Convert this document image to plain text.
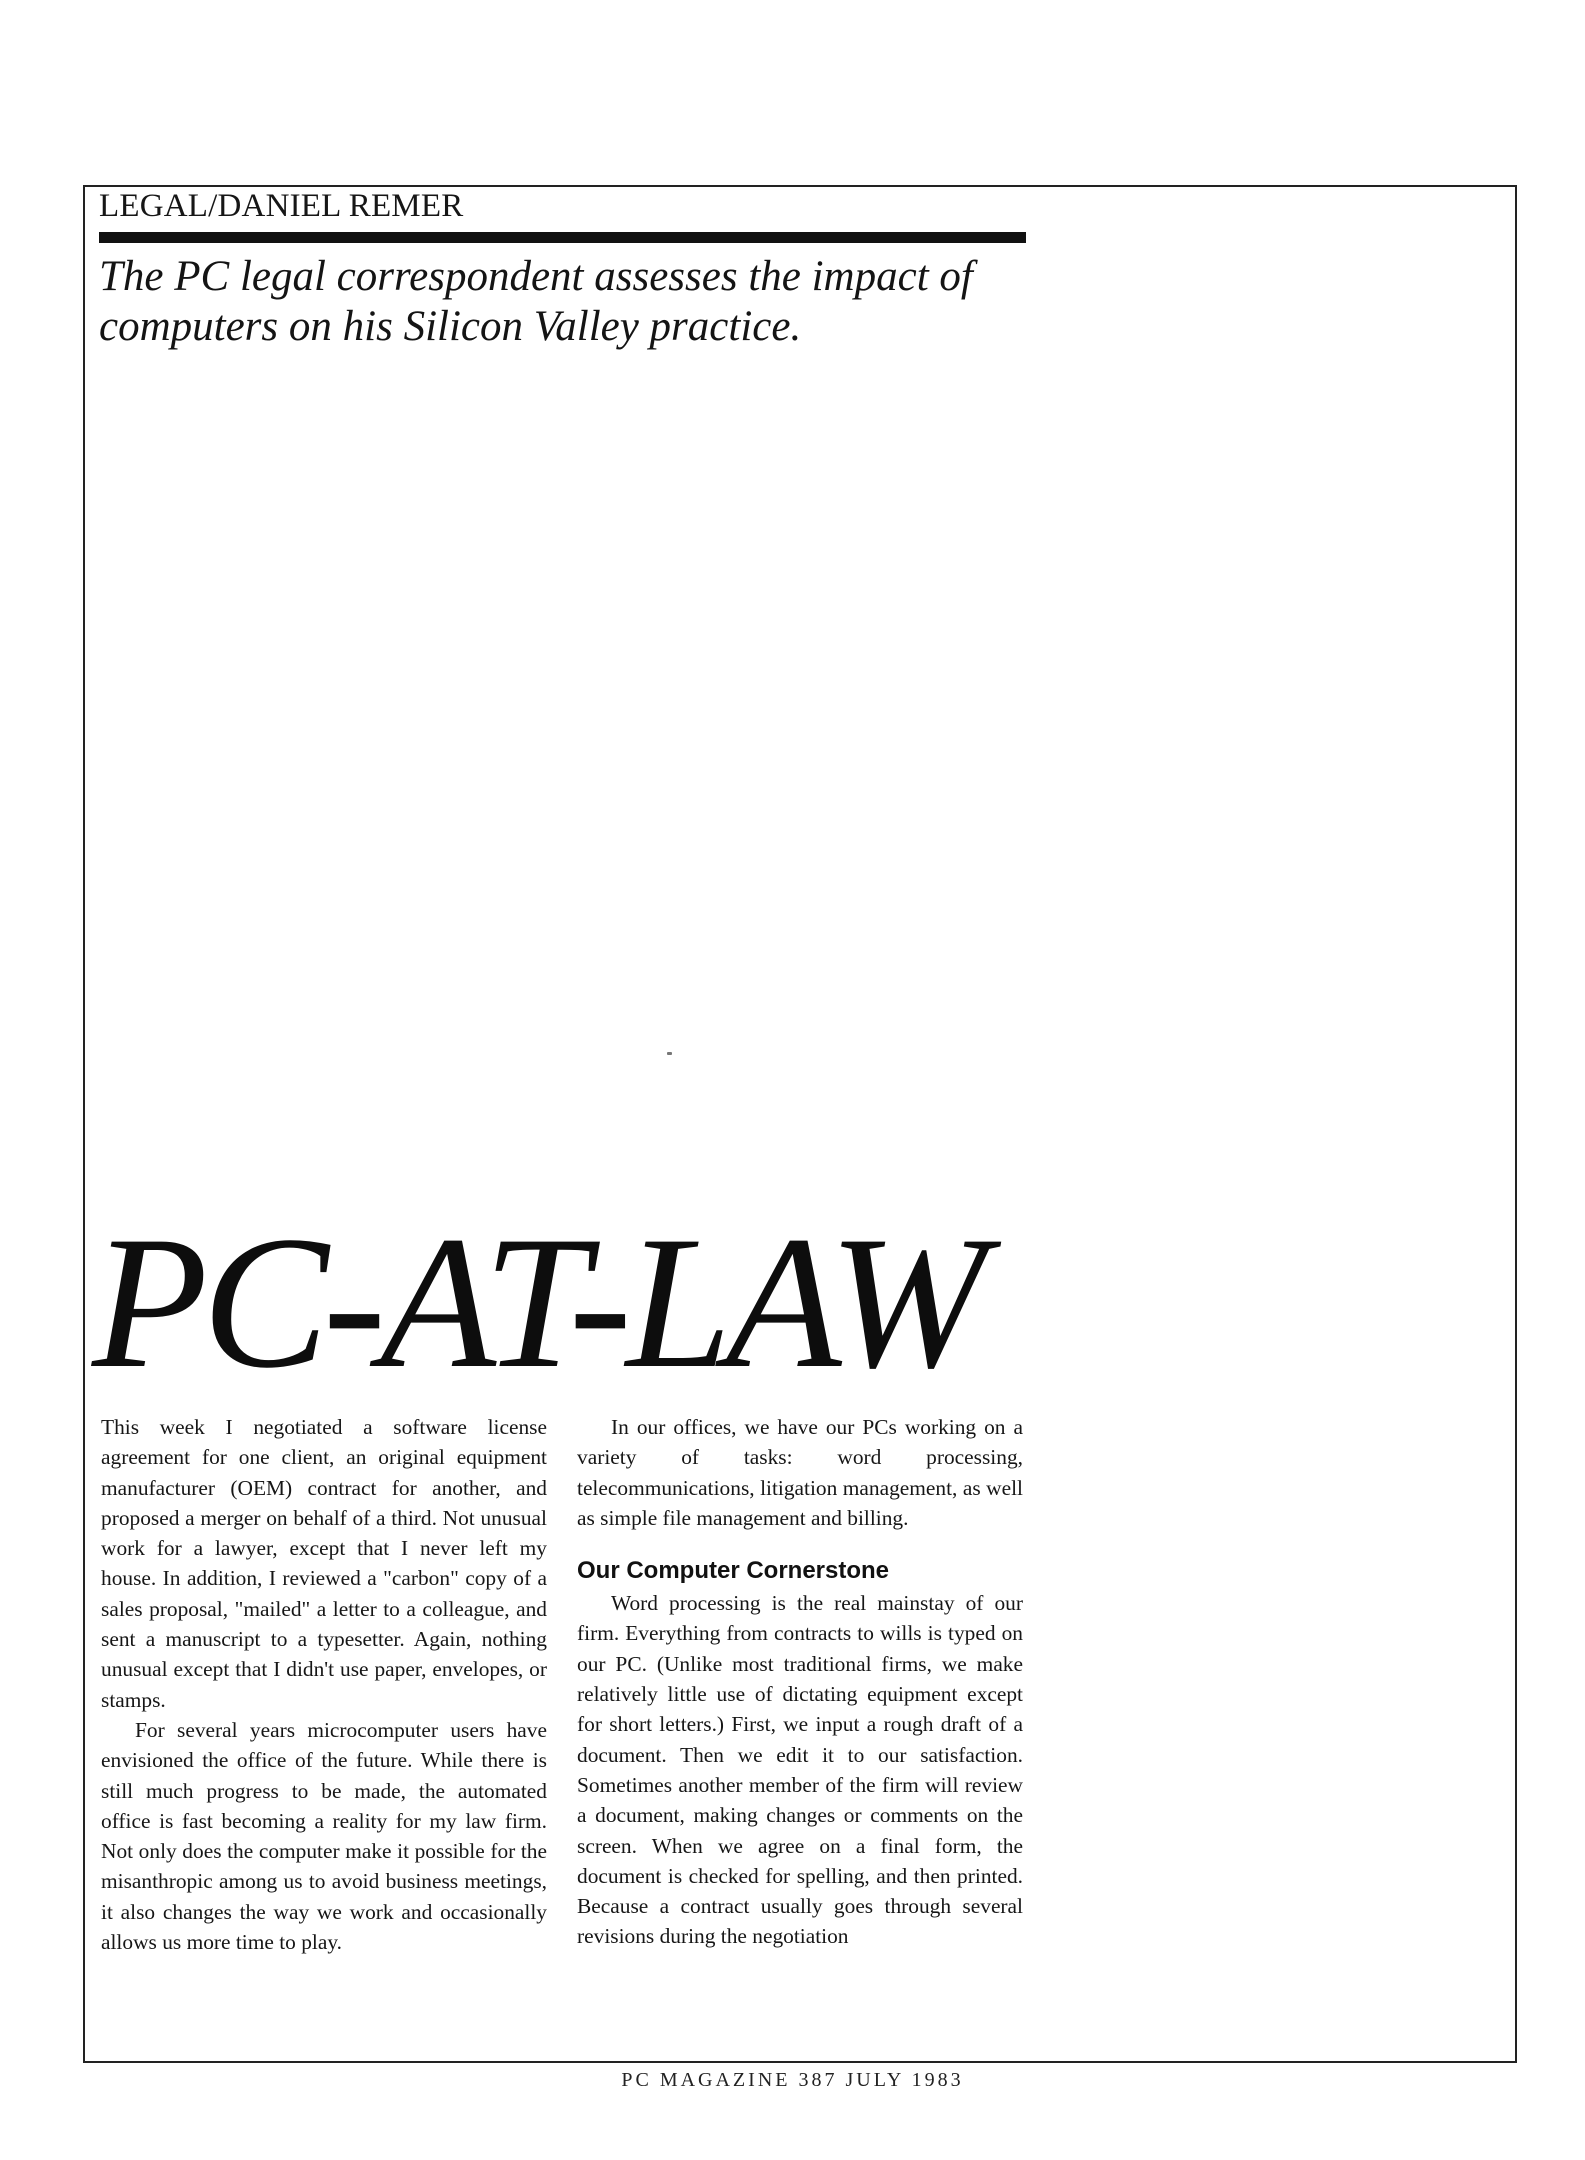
LEGAL/DANIEL REMER
The PC legal correspondent assesses the impact of
computers on his Silicon Valley practice.
PC-AT-LAW

This week I negotiated a software license agreement for one client, an original equipment manufacturer (OEM) contract for another, and proposed a merger on behalf of a third. Not unusual work for a lawyer, except that I never left my house. In addition, I reviewed a "carbon" copy of a sales proposal, "mailed" a letter to a colleague, and sent a manuscript to a typesetter. Again, nothing unusual except that I didn't use paper, envelopes, or stamps.

For several years microcomputer users have envisioned the office of the future. While there is still much progress to be made, the automated office is fast becoming a reality for my law firm. Not only does the computer make it possible for the misanthropic among us to avoid business meetings, it also changes the way we work and occasionally allows us more time to play.

In our offices, we have our PCs working on a variety of tasks: word processing, telecommunications, litigation management, as well as simple file management and billing.

Our Computer Cornerstone

Word processing is the real mainstay of our firm. Everything from contracts to wills is typed on our PC. (Unlike most traditional firms, we make relatively little use of dictating equipment except for short letters.) First, we input a rough draft of a document. Then we edit it to our satisfaction. Sometimes another member of the firm will review a document, making changes or comments on the screen. When we agree on a final form, the document is checked for spelling, and then printed. Because a contract usually goes through several revisions during the negotiation

PC MAGAZINE 387 JULY 1983
